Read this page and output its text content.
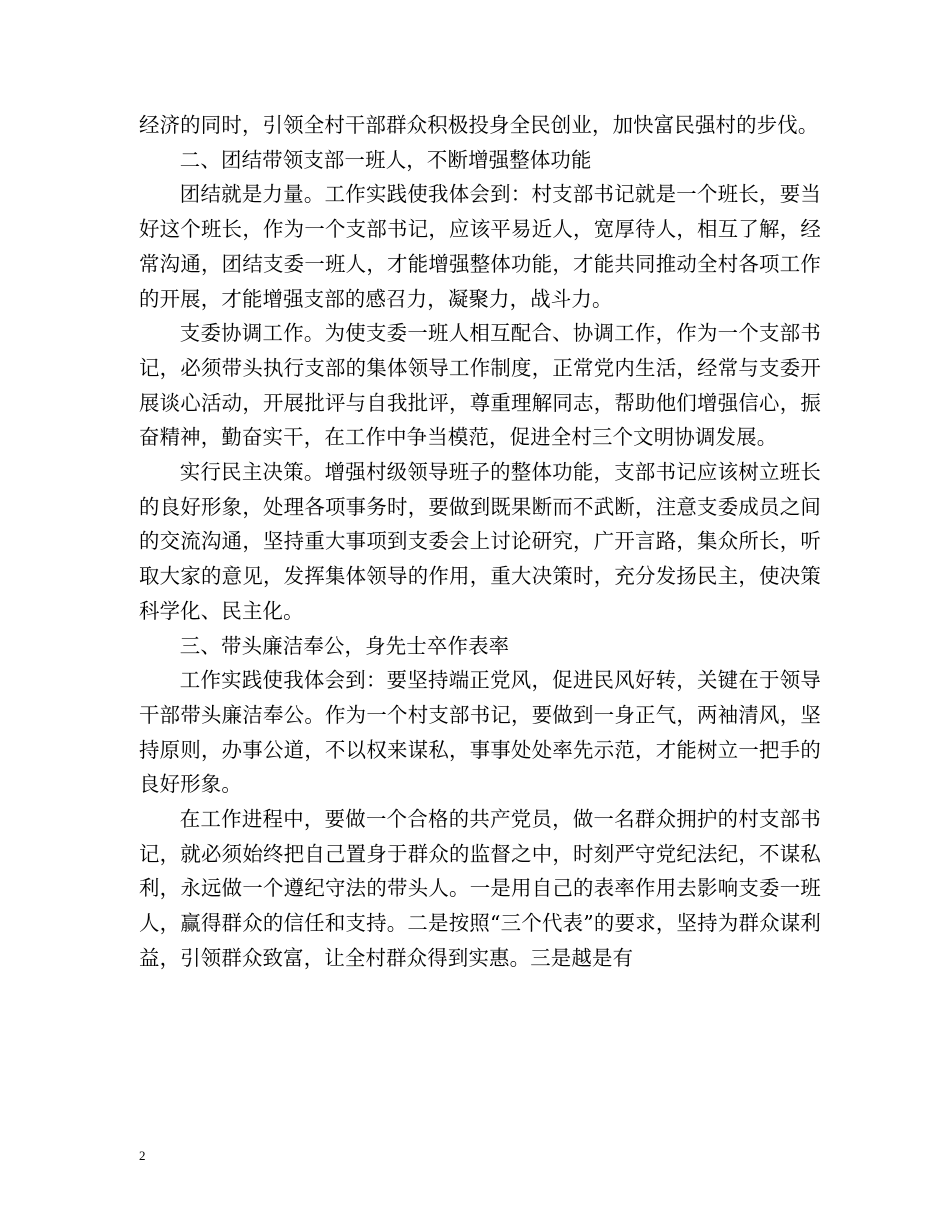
经济的同时，引领全村干部群众积极投身全民创业，加快富民强村的步伐。

二、团结带领支部一班人，不断增强整体功能

团结就是力量。工作实践使我体会到：村支部书记就是一个班长，要当好这个班长，作为一个支部书记，应该平易近人，宽厚待人，相互了解，经常沟通，团结支委一班人，才能增强整体功能，才能共同推动全村各项工作的开展，才能增强支部的感召力，凝聚力，战斗力。

支委协调工作。为使支委一班人相互配合、协调工作，作为一个支部书记，必须带头执行支部的集体领导工作制度，正常党内生活，经常与支委开展谈心活动，开展批评与自我批评，尊重理解同志，帮助他们增强信心，振奋精神，勤奋实干，在工作中争当模范，促进全村三个文明协调发展。

实行民主决策。增强村级领导班子的整体功能，支部书记应该树立班长的良好形象，处理各项事务时，要做到既果断而不武断，注意支委成员之间的交流沟通，坚持重大事项到支委会上讨论研究，广开言路，集众所长，听取大家的意见，发挥集体领导的作用，重大决策时，充分发扬民主，使决策科学化、民主化。

三、带头廉洁奉公，身先士卒作表率

工作实践使我体会到：要坚持端正党风，促进民风好转，关键在于领导干部带头廉洁奉公。作为一个村支部书记，要做到一身正气，两袖清风，坚持原则，办事公道，不以权来谋私，事事处处率先示范，才能树立一把手的良好形象。

在工作进程中，要做一个合格的共产党员，做一名群众拥护的村支部书记，就必须始终把自己置身于群众的监督之中，时刻严守党纪法纪，不谋私利，永远做一个遵纪守法的带头人。一是用自己的表率作用去影响支委一班人，赢得群众的信任和支持。二是按照“三个代表”的要求，坚持为群众谋利益，引领群众致富，让全村群众得到实惠。三是越是有

2
